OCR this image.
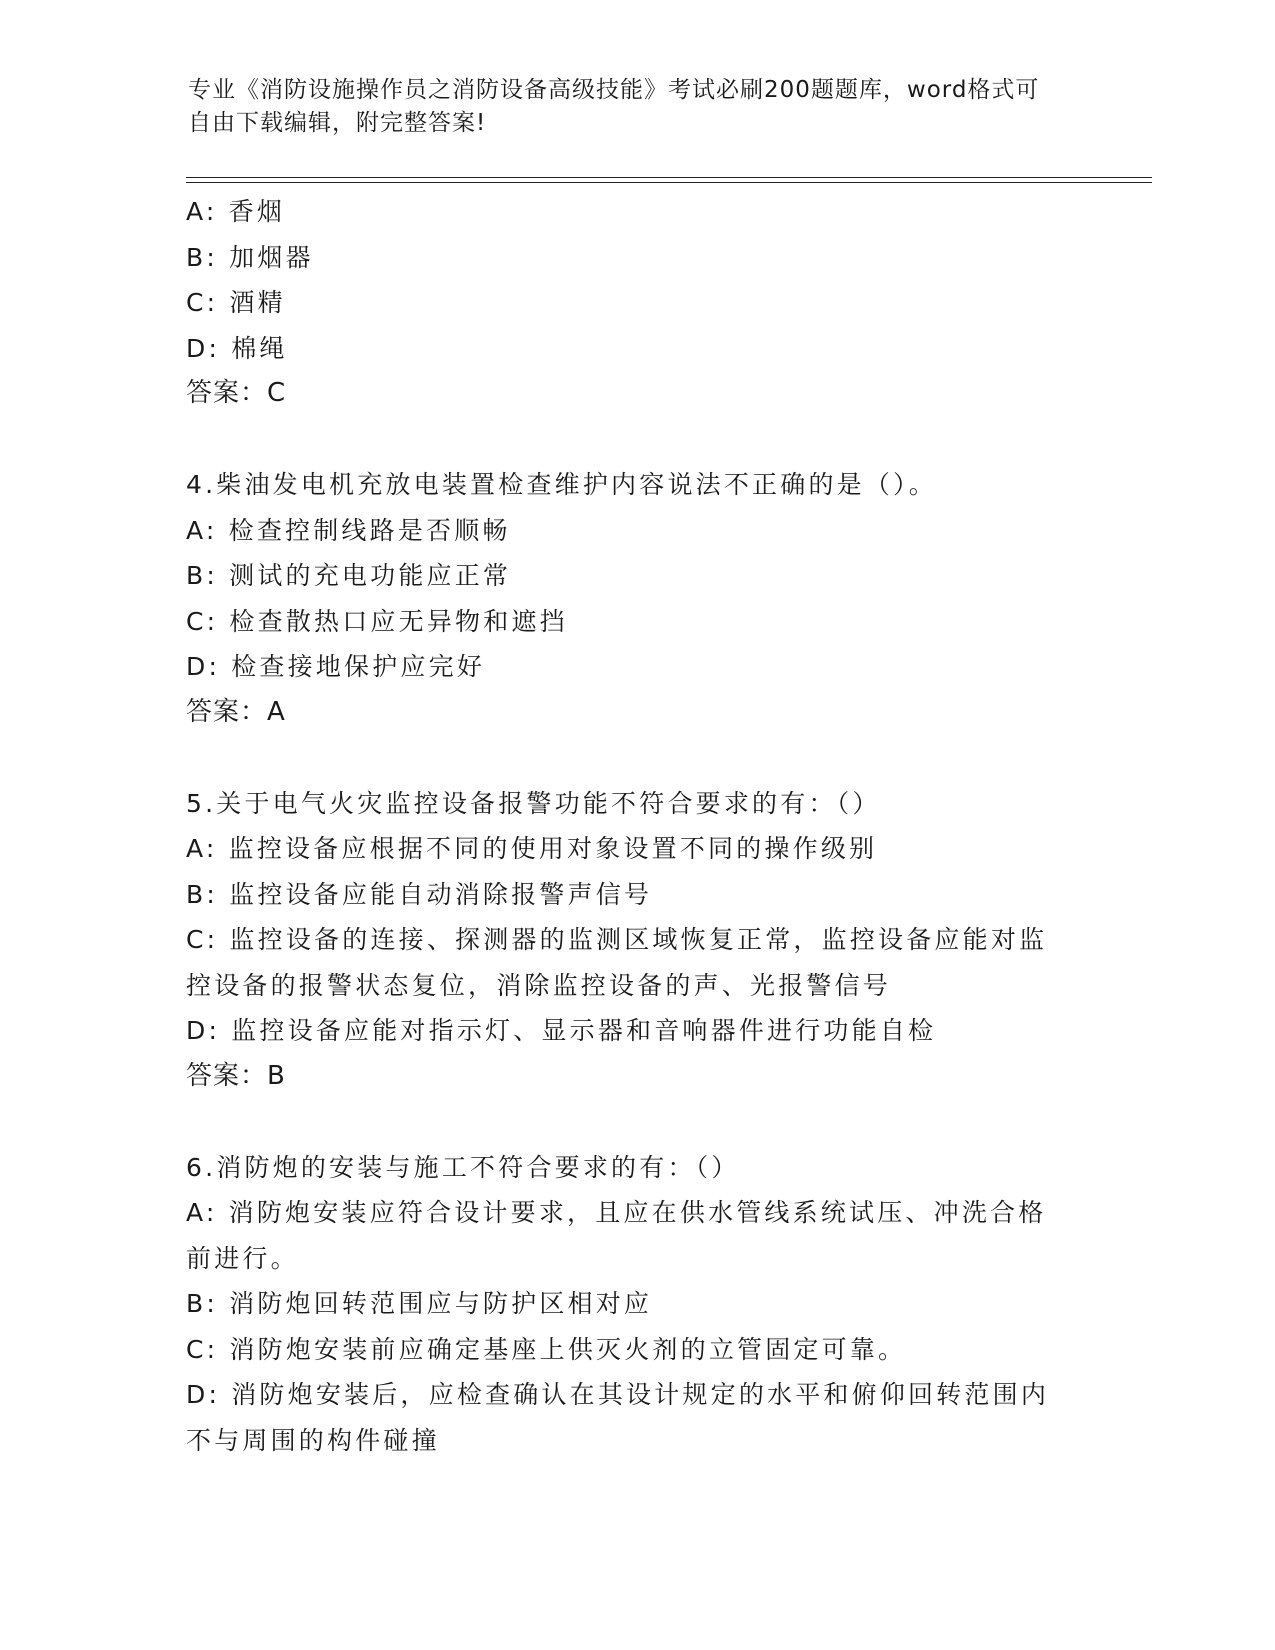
专业《消防设施操作员之消防设备高级技能》考试必刷200题题库，word格式可
自由下载编辑，附完整答案!
A: 香烟
B: 加烟器
C: 酒精
D: 棉绳
答案：C
4.柴油发电机充放电装置检查维护内容说法不正确的是（）。
A: 检查控制线路是否顺畅
B: 测试的充电功能应正常
C: 检查散热口应无异物和遮挡
D: 检查接地保护应完好
答案：A
5.关于电气火灾监控设备报警功能不符合要求的有：（）
A: 监控设备应根据不同的使用对象设置不同的操作级别
B: 监控设备应能自动消除报警声信号
C: 监控设备的连接、探测器的监测区域恢复正常，监控设备应能对监
控设备的报警状态复位，消除监控设备的声、光报警信号
D: 监控设备应能对指示灯、显示器和音响器件进行功能自检
答案：B
6.消防炮的安装与施工不符合要求的有：（）
A: 消防炮安装应符合设计要求，且应在供水管线系统试压、冲洗合格
前进行。
B: 消防炮回转范围应与防护区相对应
C: 消防炮安装前应确定基座上供灭火剂的立管固定可靠。
D: 消防炮安装后，应检查确认在其设计规定的水平和俯仰回转范围内
不与周围的构件碰撞
